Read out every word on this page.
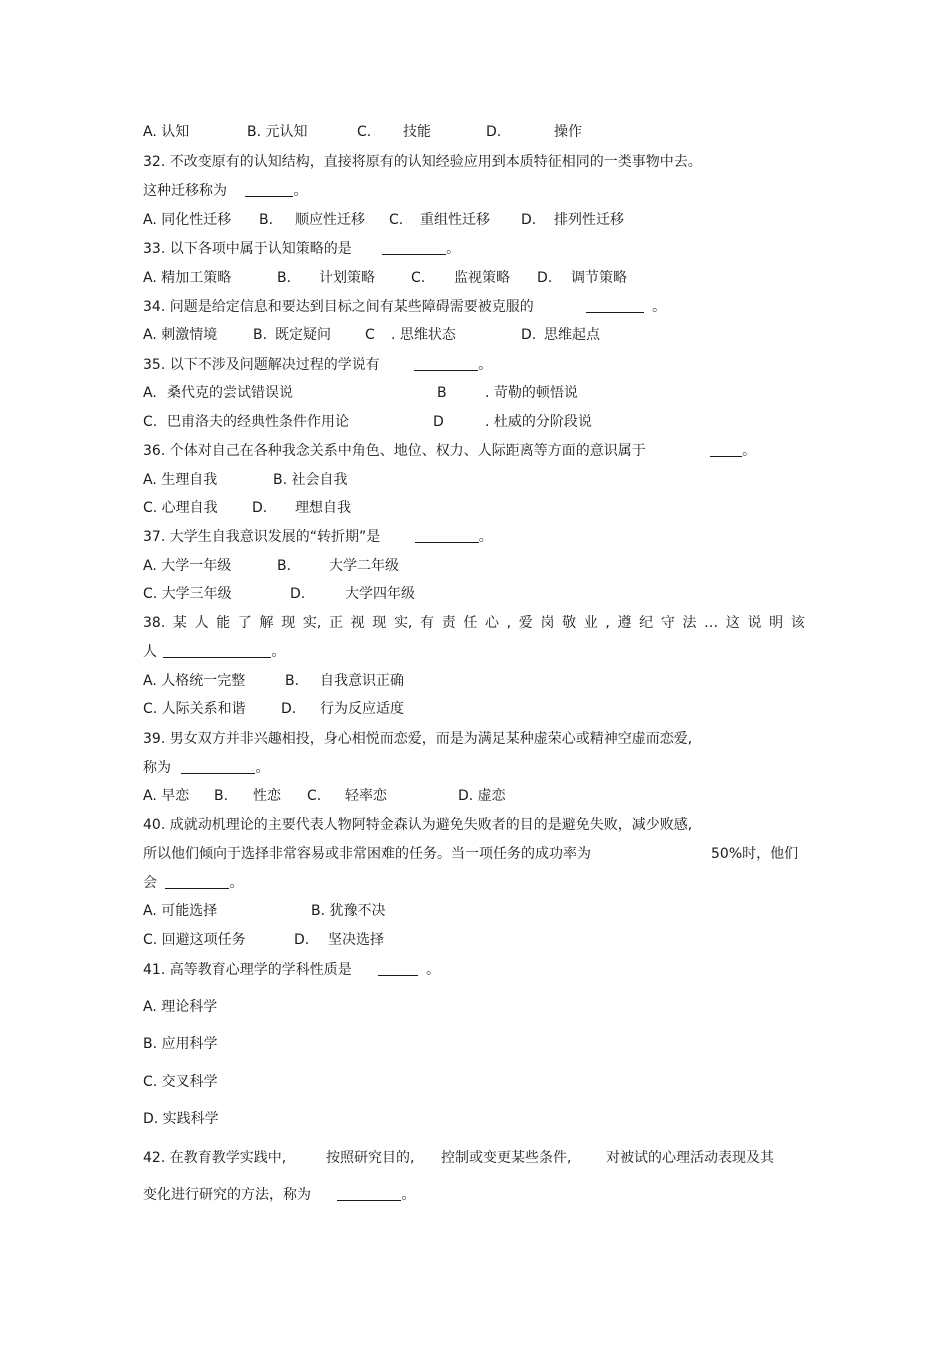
A. 认知	B. 元认知	C. 技能	D.	操作
32. 不改变原有的认知结构，直接将原有的认知经验应用到本质特征相同的一类事物中去。
这种迁移称为	。
A. 同化性迁移 B. 顺应性迁移 C. 重组性迁移 D. 排列性迁移
33. 以下各项中属于认知策略的是	。
A. 精加工策略	B. 计划策略	C. 监视策略 D. 调节策略
34. 问题是给定信息和要达到目标之间有某些障碍需要被克服的	。
A. 刺激情境	B. 既定疑问 C . 思维状态	D. 思维起点
35. 以下不涉及问题解决过程的学说有	。
A. 桑代克的尝试错误说	B	. 苛勒的顿悟说
C. 巴甫洛夫的经典性条件作用论	D	. 杜威的分阶段说
36. 个体对自己在各种我念关系中角色、地位、权力、人际距离等方面的意识属于	。
A. 生理自我	B. 社会自我
C. 心理自我 D. 理想自我
37. 大学生自我意识发展的“转折期”是	。
A. 大学一年级	B.	大学二年级
C. 大学三年级	D.	大学四年级
38. 某 人 能 了 解 现 实, 正 视 现 实, 有 责 任 心 , 爱 岗 敬 业 , 遵 纪 守 法 … 这 说 明 该
人	。
A. 人格统一完整	B. 自我意识正确
C. 人际关系和谐	D. 行为反应适度
39. 男女双方并非兴趣相投，身心相悦而恋爱，而是为满足某种虚荣心或精神空虚而恋爱,
称为	。
A. 早恋 B. 性恋 C. 轻率恋	D. 虚恋
40. 成就动机理论的主要代表人物阿特金森认为避免失败者的目的是避免失败，减少败感,
所以他们倾向于选择非常容易或非常困难的任务。当一项任务的成功率为	50%时，他们
会	。
A. 可能选择	B. 犹豫不决
C. 回避这项任务	D. 坚决选择
41. 高等教育心理学的学科性质是	。
A. 理论科学
B. 应用科学
C. 交叉科学
D. 实践科学
42. 在教育教学实践中,	按照研究目的, 控制或变更某些条件, 对被试的心理活动表现及其
变化进行研究的方法，称为	。
